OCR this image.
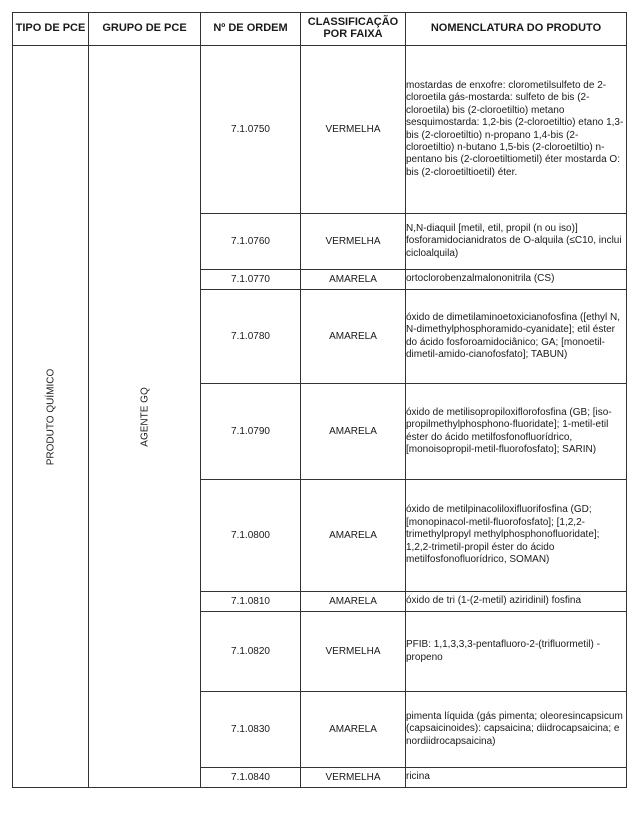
TIPO DE PCE	GRUPO DE PCE	Nº DE ORDEM	CLASSIFICAÇÃO POR FAIXA	NOMENCLATURA DO PRODUTO

PRODUTO QUÍMICO	AGENTE GQ	7.1.0750	VERMELHA	mostardas de enxofre: clorometilsulfeto de 2-cloroetila gás-mostarda: sulfeto de bis (2-cloroetila) bis (2-cloroetiltio) metano sesquimostarda: 1,2-bis (2-cloroetiltio) etano 1,3-bis (2-cloroetiltio) n-propano 1,4-bis (2-cloroetiltio) n-butano 1,5-bis (2-cloroetiltio) n-pentano bis (2-cloroetiltiometil) éter mostarda O: bis (2-cloroetiltioetil) éter.
		7.1.0760	VERMELHA	N,N-diaquil [metil, etil, propil (n ou iso)] fosforamidocianidratos de O-alquila (≤C10, inclui cicloalquila)
		7.1.0770	AMARELA	ortoclorobenzalmalononitrila (CS)
		7.1.0780	AMARELA	óxido de dimetilaminoetoxicianofosfina ([ethyl N, N-dimethylphosphoramido-cyanidate]; etil éster do ácido fosforoamidociânico; GA; [monoetil-dimetil-amido-cianofosfato]; TABUN)
		7.1.0790	AMARELA	óxido de metilisopropiloxiflorofosfina (GB; [iso-propilmethylphosphono-fluoridate]; 1-metil-etil éster do ácido metilfosfonofluorídrico, [monoisopropil-metil-fluorofosfato]; SARIN)
		7.1.0800	AMARELA	óxido de metilpinacoliloxifluorifosfina (GD; [monopinacol-metil-fluorofosfato]; [1,2,2-trimethylpropyl methylphosphonofluoridate]; 1,2,2-trimetil-propil éster do ácido metilfosfonofluorídrico, SOMAN)
		7.1.0810	AMARELA	óxido de tri (1-(2-metil) aziridinil) fosfina
		7.1.0820	VERMELHA	PFIB: 1,1,3,3,3-pentafluoro-2-(trifluormetil) -propeno
		7.1.0830	AMARELA	pimenta líquida (gás pimenta; oleoresincapsicum (capsaicinoides): capsaicina; diidrocapsaicina; e nordiidrocapsaicina)
		7.1.0840	VERMELHA	ricina
